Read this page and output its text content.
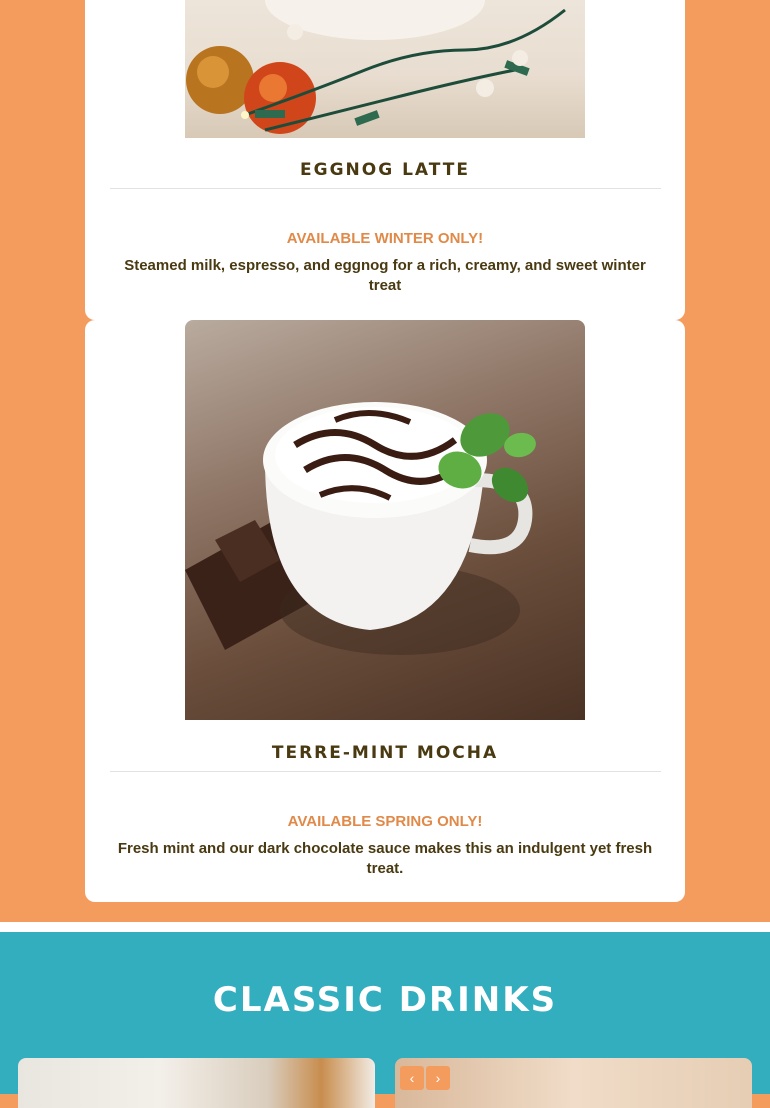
EGGNOG LATTE
AVAILABLE WINTER ONLY!
Steamed milk, espresso, and eggnog for a rich, creamy, and sweet winter treat
TERRE-MINT MOCHA
AVAILABLE SPRING ONLY!
Fresh mint and our dark chocolate sauce makes this an indulgent yet fresh treat.
CLASSIC DRINKS
‹	›
